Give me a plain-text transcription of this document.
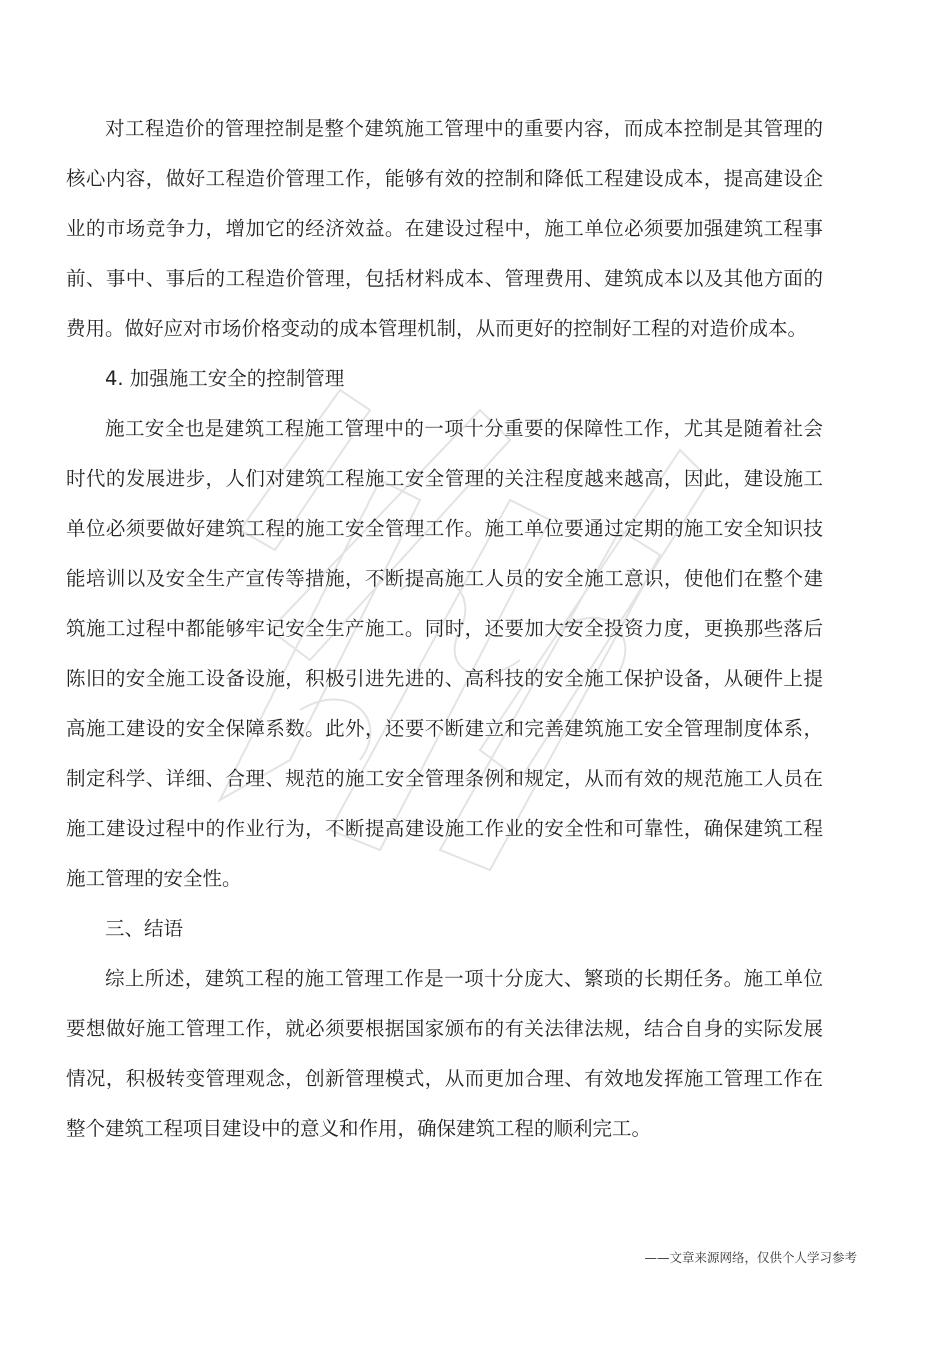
对工程造价的管理控制是整个建筑施工管理中的重要内容，而成本控制是其管理的核心内容，做好工程造价管理工作，能够有效的控制和降低工程建设成本，提高建设企业的市场竞争力，增加它的经济效益。在建设过程中，施工单位必须要加强建筑工程事前、事中、事后的工程造价管理，包括材料成本、管理费用、建筑成本以及其他方面的费用。做好应对市场价格变动的成本管理机制，从而更好的控制好工程的对造价成本。

4. 加强施工安全的控制管理

施工安全也是建筑工程施工管理中的一项十分重要的保障性工作，尤其是随着社会时代的发展进步，人们对建筑工程施工安全管理的关注程度越来越高，因此，建设施工单位必须要做好建筑工程的施工安全管理工作。施工单位要通过定期的施工安全知识技能培训以及安全生产宣传等措施，不断提高施工人员的安全施工意识，使他们在整个建筑施工过程中都能够牢记安全生产施工。同时，还要加大安全投资力度，更换那些落后陈旧的安全施工设备设施，积极引进先进的、高科技的安全施工保护设备，从硬件上提高施工建设的安全保障系数。此外，还要不断建立和完善建筑施工安全管理制度体系，制定科学、详细、合理、规范的施工安全管理条例和规定，从而有效的规范施工人员在施工建设过程中的作业行为，不断提高建设施工作业的安全性和可靠性，确保建筑工程施工管理的安全性。

三、结语

综上所述，建筑工程的施工管理工作是一项十分庞大、繁琐的长期任务。施工单位要想做好施工管理工作，就必须要根据国家颁布的有关法律法规，结合自身的实际发展情况，积极转变管理观念，创新管理模式，从而更加合理、有效地发挥施工管理工作在整个建筑工程项目建设中的意义和作用，确保建筑工程的顺利完工。

——文章来源网络，仅供个人学习参考
